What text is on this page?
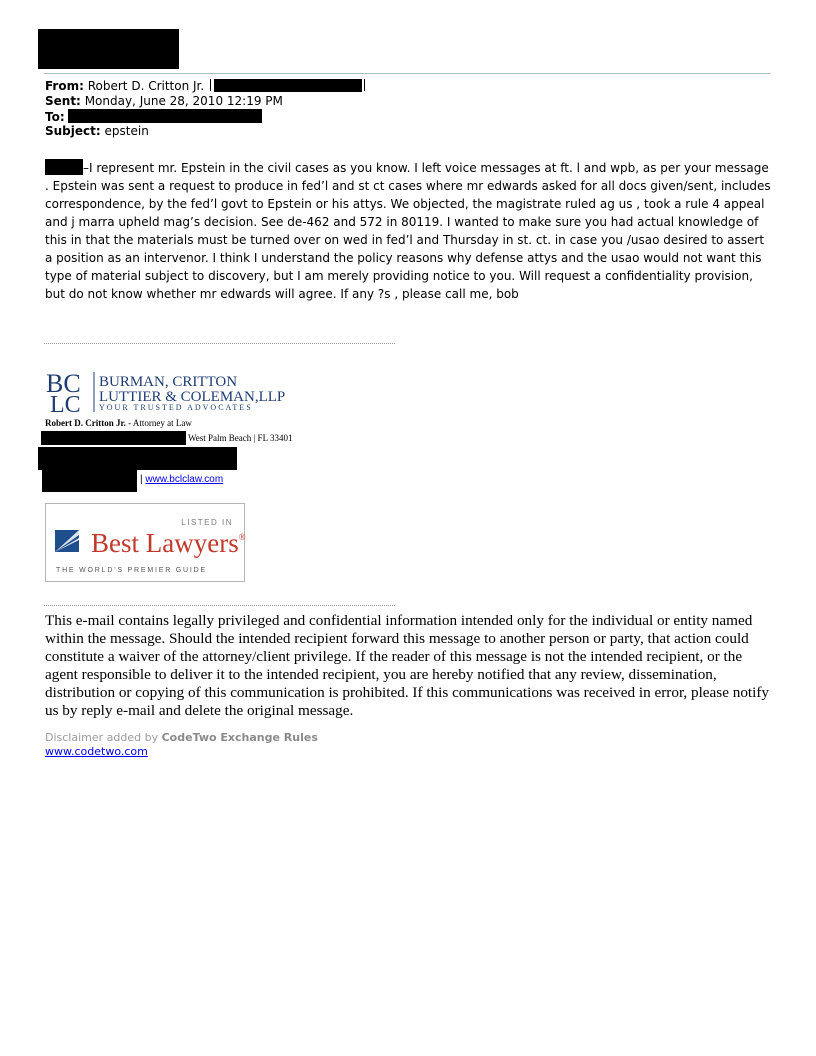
From: Robert D. Critton Jr.
Sent: Monday, June 28, 2010 12:19 PM
To:
Subject: epstein
–I represent mr. Epstein in the civil cases as you know. I left voice messages at ft. l and wpb, as per your message . Epstein was sent a request to produce in fed’l and st ct cases where mr edwards asked for all docs given/sent, includes correspondence, by the fed’l govt to Epstein or his attys. We objected, the magistrate ruled ag us , took a rule 4 appeal and j marra upheld mag’s decision. See de-462 and 572 in 80119. I wanted to make sure you had actual knowledge of this in that the materials must be turned over on wed in fed’l and Thursday in st. ct. in case you /usao desired to assert a position as an intervenor. I think I understand the policy reasons why defense attys and the usao would not want this type of material subject to discovery, but I am merely providing notice to you. Will request a confidentiality provision, but do not know whether mr edwards will agree. If any ?s , please call me, bob
BC
LC
BURMAN, CRITTON
LUTTIER & COLEMAN,LLP
YOUR TRUSTED ADVOCATES
Robert D. Critton Jr. - Attorney at Law
West Palm Beach | FL 33401
| www.bclclaw.com
LISTED IN
Best Lawyers®
THE WORLD'S PREMIER GUIDE
This e-mail contains legally privileged and confidential information intended only for the individual or entity named within the message. Should the intended recipient forward this message to another person or party, that action could constitute a waiver of the attorney/client privilege. If the reader of this message is not the intended recipient, or the agent responsible to deliver it to the intended recipient, you are hereby notified that any review, dissemination, distribution or copying of this communication is prohibited. If this communications was received in error, please notify us by reply e-mail and delete the original message.
Disclaimer added by CodeTwo Exchange Rules
www.codetwo.com
